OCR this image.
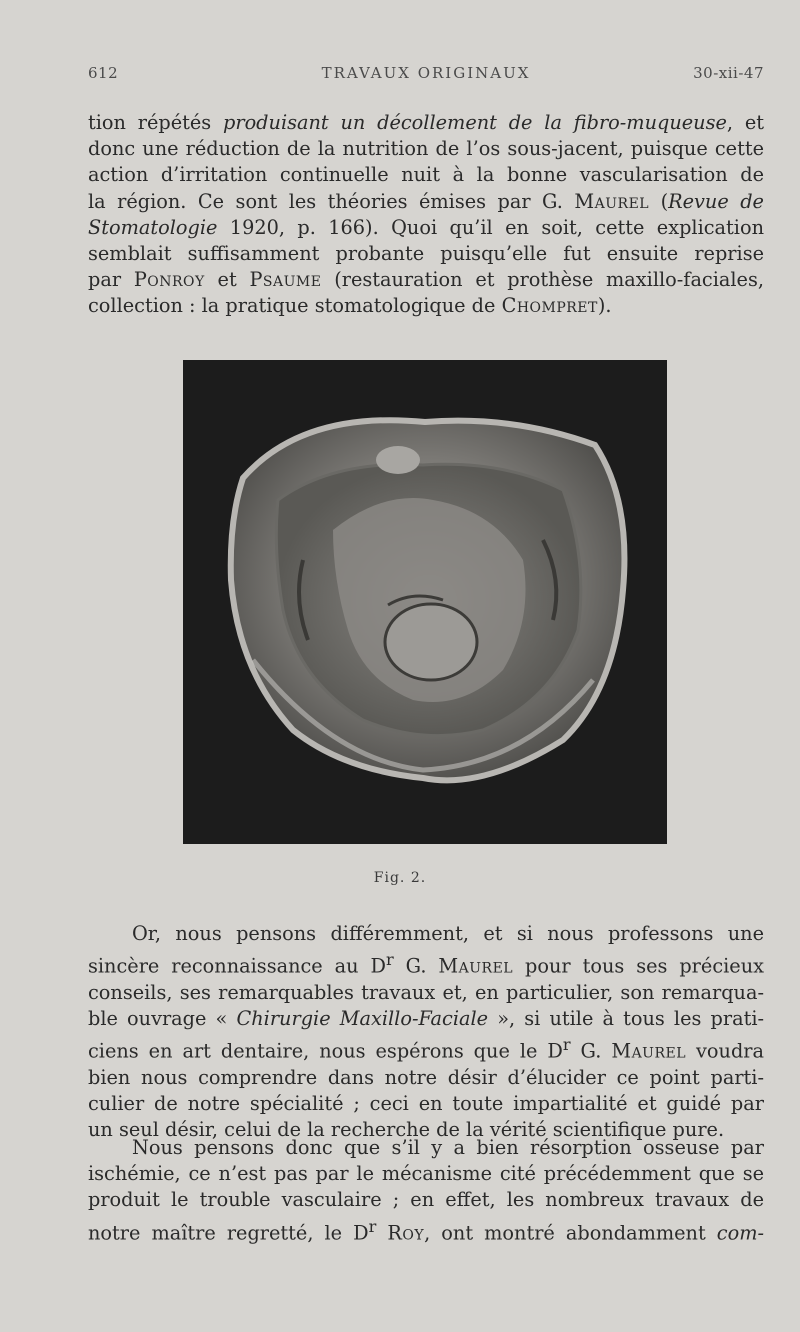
612	TRAVAUX ORIGINAUX	30-xii-47
tion répétés produisant un décollement de la fibro-muqueuse, et
donc une réduction de la nutrition de l’os sous-jacent, puisque cette
action d’irritation continuelle nuit à la bonne vascularisation de
la région. Ce sont les théories émises par G. Maurel (Revue de
Stomatologie 1920, p. 166). Quoi qu’il en soit, cette explication
semblait suffisamment probante puisqu’elle fut ensuite reprise
par Ponroy et Psaume (restauration et prothèse maxillo-faciales,
collection : la pratique stomatologique de Chompret).
Fig. 2.
Or, nous pensons différemment, et si nous professons une
sincère reconnaissance au $D^r$ G. Maurel pour tous ses précieux
conseils, ses remarquables travaux et, en particulier, son remarqua-
ble ouvrage « Chirurgie Maxillo-Faciale », si utile à tous les prati-
ciens en art dentaire, nous espérons que le $D^r$ G. Maurel voudra
bien nous comprendre dans notre désir d’élucider ce point parti-
culier de notre spécialité ; ceci en toute impartialité et guidé par
un seul désir, celui de la recherche de la vérité scientifique pure.
Nous pensons donc que s’il y a bien résorption osseuse par
ischémie, ce n’est pas par le mécanisme cité précédemment que se
produit le trouble vasculaire ; en effet, les nombreux travaux de
notre maître regretté, le $D^r$ Roy, ont montré abondamment com-
